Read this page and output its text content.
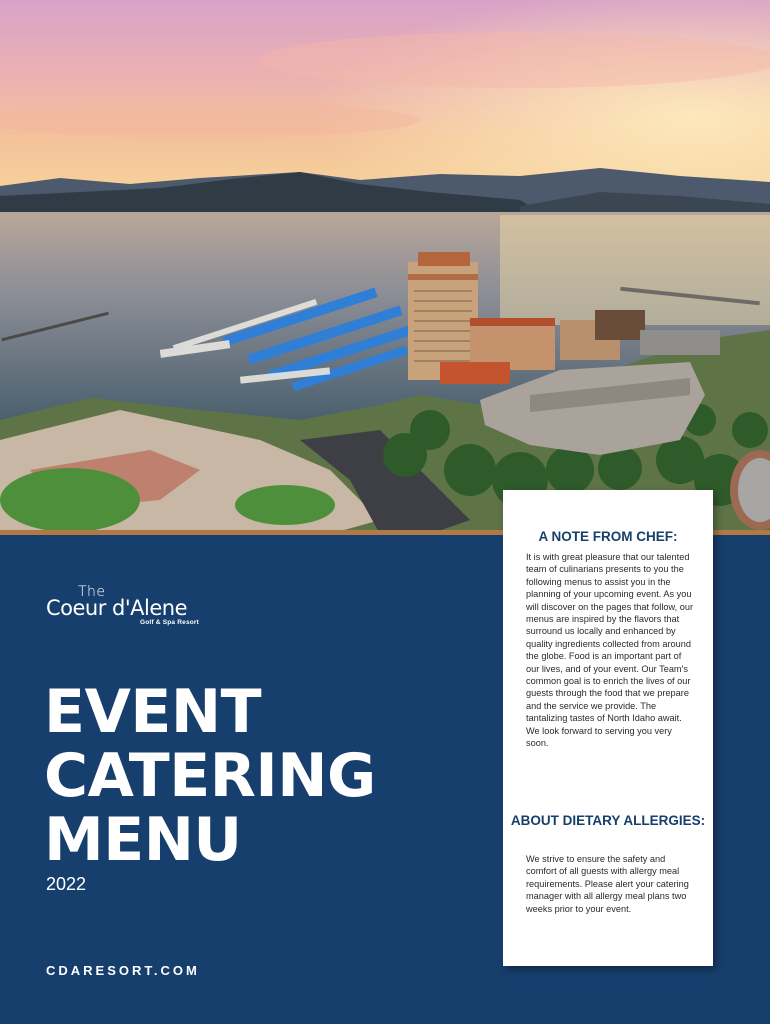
The
Coeur d'Alene
Golf & Spa Resort
EVENT
CATERING
MENU
2022
CDARESORT.COM
A NOTE FROM CHEF:

It is with great pleasure that our talented team of culinarians presents to you the following menus to assist you in the planning of your upcoming event. As you will discover on the pages that follow, our menus are inspired by the flavors that surround us locally and enhanced by quality ingredients collected from around the globe. Food is an important part of our lives, and of your event. Our Team's common goal is to enrich the lives of our guests through the food that we prepare and the service we provide. The tantalizing tastes of North Idaho await. We look forward to serving you very soon.

ABOUT DIETARY ALLERGIES:

We strive to ensure the safety and comfort of all guests with allergy meal requirements. Please alert your catering manager with all allergy meal plans two weeks prior to your event.
